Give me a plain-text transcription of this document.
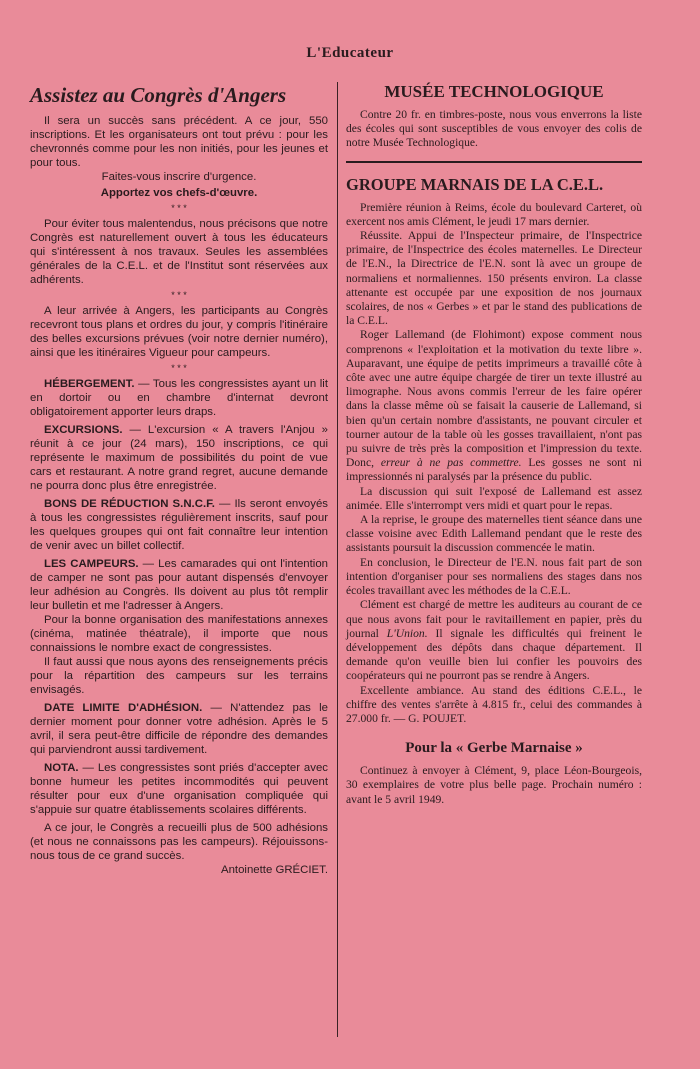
L'Educateur
Assistez au Congrès d'Angers

Il sera un succès sans précédent. A ce jour, 550 inscriptions. Et les organisateurs ont tout prévu : pour les chevronnés comme pour les non initiés, pour les jeunes et pour tous.

Faites-vous inscrire d'urgence.

Apportez vos chefs-d'œuvre.

* * *

Pour éviter tous malentendus, nous précisons que notre Congrès est naturellement ouvert à tous les éducateurs qui s'intéressent à nos travaux. Seules les assemblées générales de la C.E.L. et de l'Institut sont réservées aux adhérents.

* * *

A leur arrivée à Angers, les participants au Congrès recevront tous plans et ordres du jour, y compris l'itinéraire des belles excursions prévues (voir notre dernier numéro), ainsi que les itinéraires Vigueur pour campeurs.

* * *

HÉBERGEMENT. — Tous les congressistes ayant un lit en dortoir ou en chambre d'internat devront obligatoirement apporter leurs draps.

EXCURSIONS. — L'excursion « A travers l'Anjou » réunit à ce jour (24 mars), 150 inscriptions, ce qui représente le maximum de possibilités du point de vue cars et restaurant. A notre grand regret, aucune demande ne pourra donc plus être enregistrée.

BONS DE RÉDUCTION S.N.C.F. — Ils seront envoyés à tous les congressistes régulièrement inscrits, sauf pour les quelques groupes qui ont fait connaître leur intention de venir avec un billet collectif.

LES CAMPEURS. — Les camarades qui ont l'intention de camper ne sont pas pour autant dispensés d'envoyer leur adhésion au Congrès. Ils doivent au plus tôt remplir leur bulletin et me l'adresser à Angers.

Pour la bonne organisation des manifestations annexes (cinéma, matinée théatrale), il importe que nous connaissions le nombre exact de congressistes.

Il faut aussi que nous ayons des renseignements précis pour la répartition des campeurs sur les terrains envisagés.

DATE LIMITE D'ADHÉSION. — N'attendez pas le dernier moment pour donner votre adhésion. Après le 5 avril, il sera peut-être difficile de répondre des demandes qui parviendront aussi tardivement.

NOTA. — Les congressistes sont priés d'accepter avec bonne humeur les petites incommodités qui peuvent résulter pour eux d'une organisation compliquée qui s'appuie sur quatre établissements scolaires différents.

A ce jour, le Congrès a recueilli plus de 500 adhésions (et nous ne connaissons pas les campeurs). Réjouissons-nous tous de ce grand succès.

Antoinette GRÉCIET.

MUSÉE TECHNOLOGIQUE

Contre 20 fr. en timbres-poste, nous vous enverrons la liste des écoles qui sont susceptibles de vous envoyer des colis de notre Musée Technologique.

GROUPE MARNAIS DE LA C.E.L.

Première réunion à Reims, école du boulevard Carteret, où exercent nos amis Clément, le jeudi 17 mars dernier.

Réussite. Appui de l'Inspecteur primaire, de l'Inspectrice primaire, de l'Inspectrice des écoles maternelles. Le Directeur de l'E.N., la Directrice de l'E.N. sont là avec un groupe de normaliens et normaliennes. 150 présents environ. La classe attenante est occupée par une exposition de nos journaux scolaires, de nos « Gerbes » et par le stand des publications de la C.E.L.

Roger Lallemand (de Flohimont) expose comment nous comprenons « l'exploitation et la motivation du texte libre ». Auparavant, une équipe de petits imprimeurs a travaillé côte à côte avec une autre équipe chargée de tirer un texte illustré au limographe. Nous avons commis l'erreur de les faire opérer dans la classe même où se faisait la causerie de Lallemand, si bien qu'un certain nombre d'assistants, ne pouvant circuler et tourner autour de la table où les gosses travaillaient, n'ont pas pu suivre de très près la composition et l'impression du texte. Donc, erreur à ne pas commettre. Les gosses ne sont ni impressionnés ni paralysés par la présence du public.

La discussion qui suit l'exposé de Lallemand est assez animée. Elle s'interrompt vers midi et quart pour le repas.

A la reprise, le groupe des maternelles tient séance dans une classe voisine avec Edith Lallemand pendant que le reste des assistants poursuit la discussion commencée le matin.

En conclusion, le Directeur de l'E.N. nous fait part de son intention d'organiser pour ses normaliens des stages dans nos écoles travaillant avec les méthodes de la C.E.L.

Clément est chargé de mettre les auditeurs au courant de ce que nous avons fait pour le ravitaillement en papier, près du journal L'Union. Il signale les difficultés qui freinent le développement des dépôts dans chaque département. Il demande qu'on veuille bien lui confier les pouvoirs des coopérateurs qui ne pourront pas se rendre à Angers.

Excellente ambiance. Au stand des éditions C.E.L., le chiffre des ventes s'arrête à 4.815 fr., celui des commandes à 27.000 fr. — G. POUJET.

Pour la « Gerbe Marnaise »

Continuez à envoyer à Clément, 9, place Léon-Bourgeois, 30 exemplaires de votre plus belle page. Prochain numéro : avant le 5 avril 1949.
